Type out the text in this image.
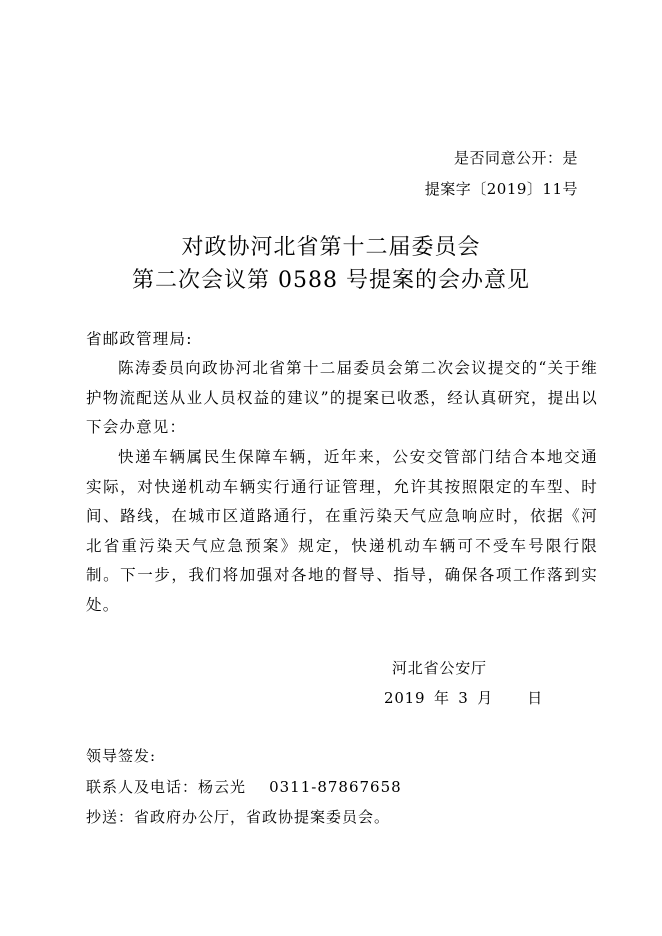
是否同意公开：是
提案字〔2019〕11号
对政协河北省第十二届委员会
第二次会议第 0588 号提案的会办意见
省邮政管理局:
陈涛委员向政协河北省第十二届委员会第二次会议提交的“关于维护物流配送从业人员权益的建议”的提案已收悉，经认真研究，提出以下会办意见：
快递车辆属民生保障车辆，近年来，公安交管部门结合本地交通实际，对快递机动车辆实行通行证管理，允许其按照限定的车型、时间、路线，在城市区道路通行，在重污染天气应急响应时，依据《河北省重污染天气应急预案》规定，快递机动车辆可不受车号限行限制。下一步，我们将加强对各地的督导、指导，确保各项工作落到实处。
河北省公安厅
2019 年 3 月    日
领导签发:
联系人及电话：杨云光    0311-87867658
抄送：省政府办公厅，省政协提案委员会。
